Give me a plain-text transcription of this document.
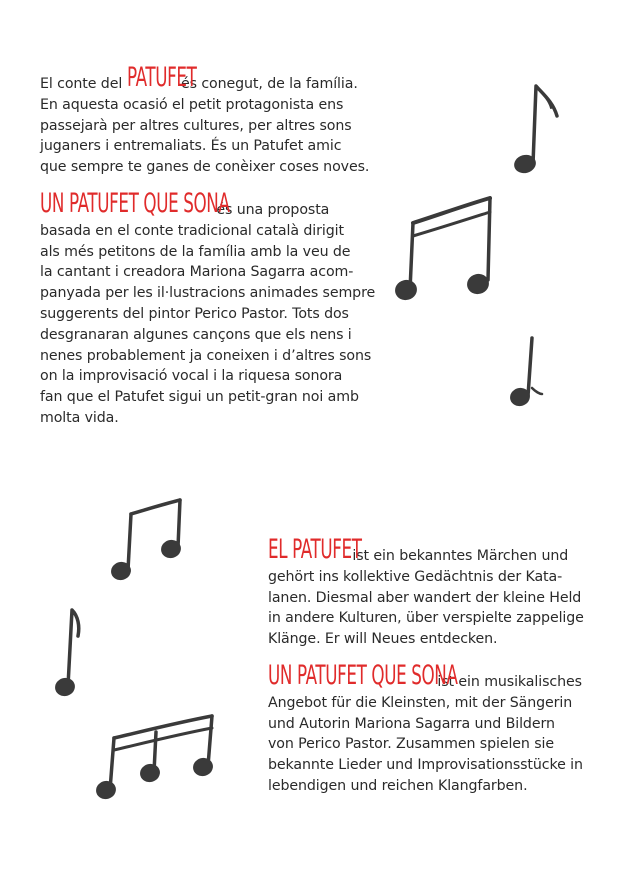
El conte del PATUFET
és conegut, de la família.
En aquesta ocasió el petit protagonista ens
passejarà per altres cultures, per altres sons
juganers i entremaliats. És un Patufet amic
que sempre te ganes de conèixer coses noves.
UN PATUFET QUE SONA
és una proposta
basada en el conte tradicional català dirigit
als més petitons de la família amb la veu de
la cantant i creadora Mariona Sagarra acom-
panyada per les il·lustracions animades sempre
suggerents del pintor Perico Pastor. Tots dos
desgranaran algunes cançons que els nens i
nenes probablement ja coneixen i d’altres sons
on la improvisació vocal i la riquesa sonora
fan que el Patufet sigui un petit-gran noi amb
molta vida.
EL PATUFET
ist ein bekanntes Märchen und
gehört ins kollektive Gedächtnis der Kata-
lanen. Diesmal aber wandert der kleine Held
in andere Kulturen, über verspielte zappelige
Klänge. Er will Neues entdecken.
UN PATUFET QUE SONA
ist ein musikalisches
Angebot für die Kleinsten, mit der Sängerin
und Autorin Mariona Sagarra und Bildern
von Perico Pastor. Zusammen spielen sie
bekannte Lieder und Improvisationsstücke in
lebendigen und reichen Klangfarben.
